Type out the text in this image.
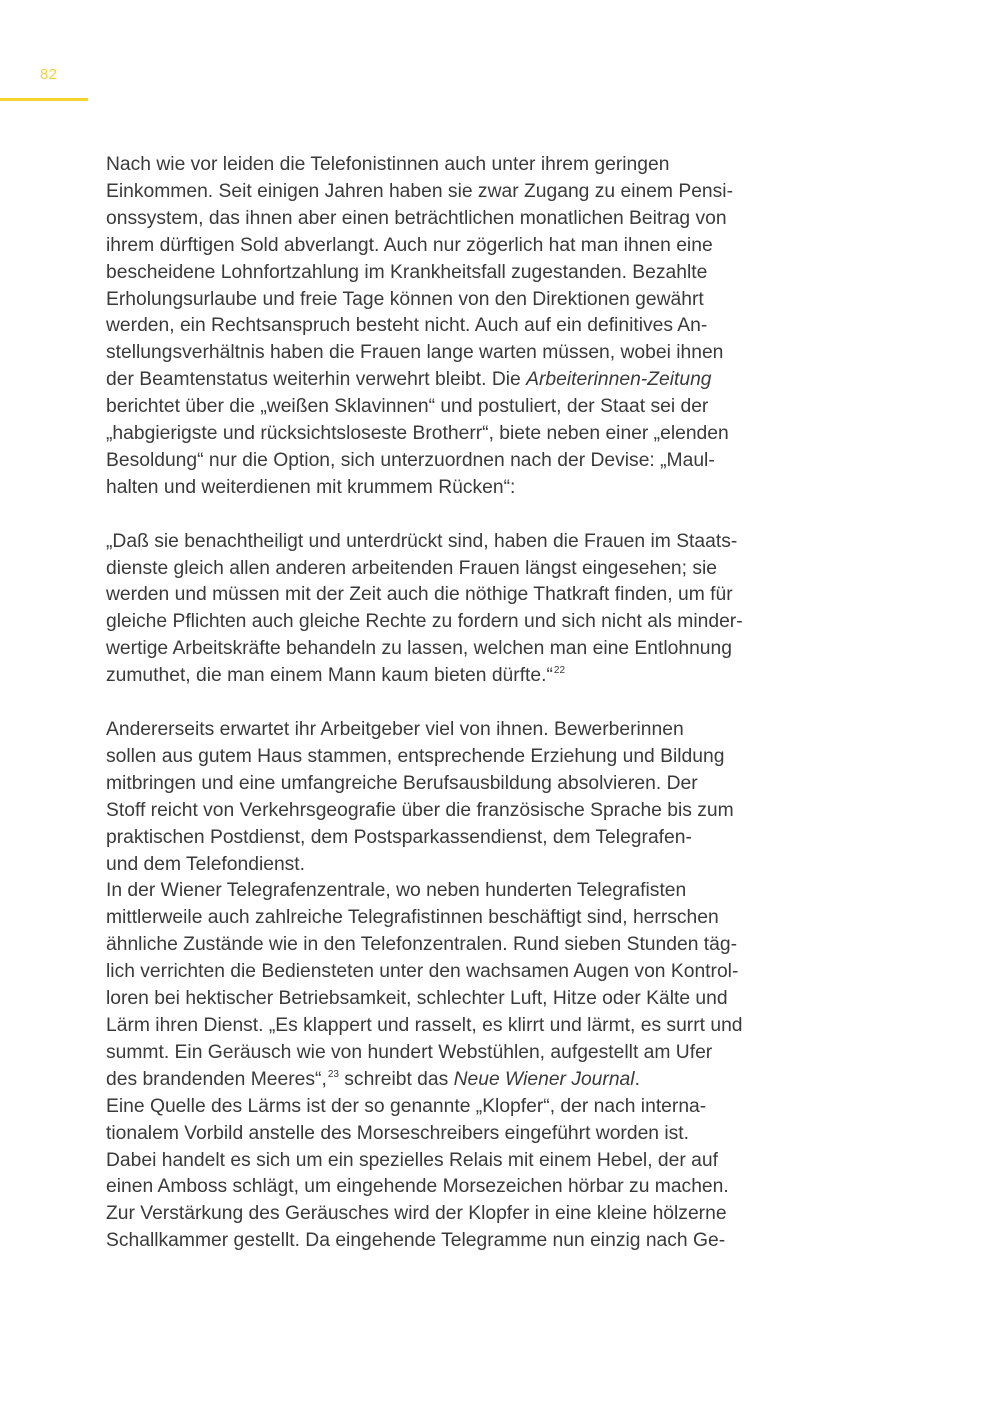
82

Nach wie vor leiden die Telefonistinnen auch unter ihrem geringen
Einkommen. Seit einigen Jahren haben sie zwar Zugang zu einem Pensi-
onssystem, das ihnen aber einen beträchtlichen monatlichen Beitrag von
ihrem dürftigen Sold abverlangt. Auch nur zögerlich hat man ihnen eine
bescheidene Lohnfortzahlung im Krankheitsfall zugestanden. Bezahlte
Erholungsurlaube und freie Tage können von den Direktionen gewährt
werden, ein Rechtsanspruch besteht nicht. Auch auf ein definitives An-
stellungsverhältnis haben die Frauen lange warten müssen, wobei ihnen
der Beamtenstatus weiterhin verwehrt bleibt. Die Arbeiterinnen-Zeitung
berichtet über die „weißen Sklavinnen“ und postuliert, der Staat sei der
„habgierigste und rücksichtsloseste Brotherr“, biete neben einer „elenden
Besoldung“ nur die Option, sich unterzuordnen nach der Devise: „Maul-
halten und weiterdienen mit krummem Rücken“:

„Daß sie benachtheiligt und unterdrückt sind, haben die Frauen im Staats-
dienste gleich allen anderen arbeitenden Frauen längst eingesehen; sie
werden und müssen mit der Zeit auch die nöthige Thatkraft finden, um für
gleiche Pflichten auch gleiche Rechte zu fordern und sich nicht als minder-
wertige Arbeitskräfte behandeln zu lassen, welchen man eine Entlohnung
zumuthet, die man einem Mann kaum bieten dürfte.“$^{22}$

Andererseits erwartet ihr Arbeitgeber viel von ihnen. Bewerberinnen
sollen aus gutem Haus stammen, entsprechende Erziehung und Bildung
mitbringen und eine umfangreiche Berufsausbildung absolvieren. Der
Stoff reicht von Verkehrsgeografie über die französische Sprache bis zum
praktischen Postdienst, dem Postsparkassendienst, dem Telegrafen-
und dem Telefondienst.

In der Wiener Telegrafenzentrale, wo neben hunderten Telegrafisten
mittlerweile auch zahlreiche Telegrafistinnen beschäftigt sind, herrschen
ähnliche Zustände wie in den Telefonzentralen. Rund sieben Stunden täg-
lich verrichten die Bediensteten unter den wachsamen Augen von Kontrol-
loren bei hektischer Betriebsamkeit, schlechter Luft, Hitze oder Kälte und
Lärm ihren Dienst. „Es klappert und rasselt, es klirrt und lärmt, es surrt und
summt. Ein Geräusch wie von hundert Webstühlen, aufgestellt am Ufer
des brandenden Meeres“,$^{23}$ schreibt das Neue Wiener Journal.

Eine Quelle des Lärms ist der so genannte „Klopfer“, der nach interna-
tionalem Vorbild anstelle des Morseschreibers eingeführt worden ist.
Dabei handelt es sich um ein spezielles Relais mit einem Hebel, der auf
einen Amboss schlägt, um eingehende Morsezeichen hörbar zu machen.
Zur Verstärkung des Geräusches wird der Klopfer in eine kleine hölzerne
Schallkammer gestellt. Da eingehende Telegramme nun einzig nach Ge-
